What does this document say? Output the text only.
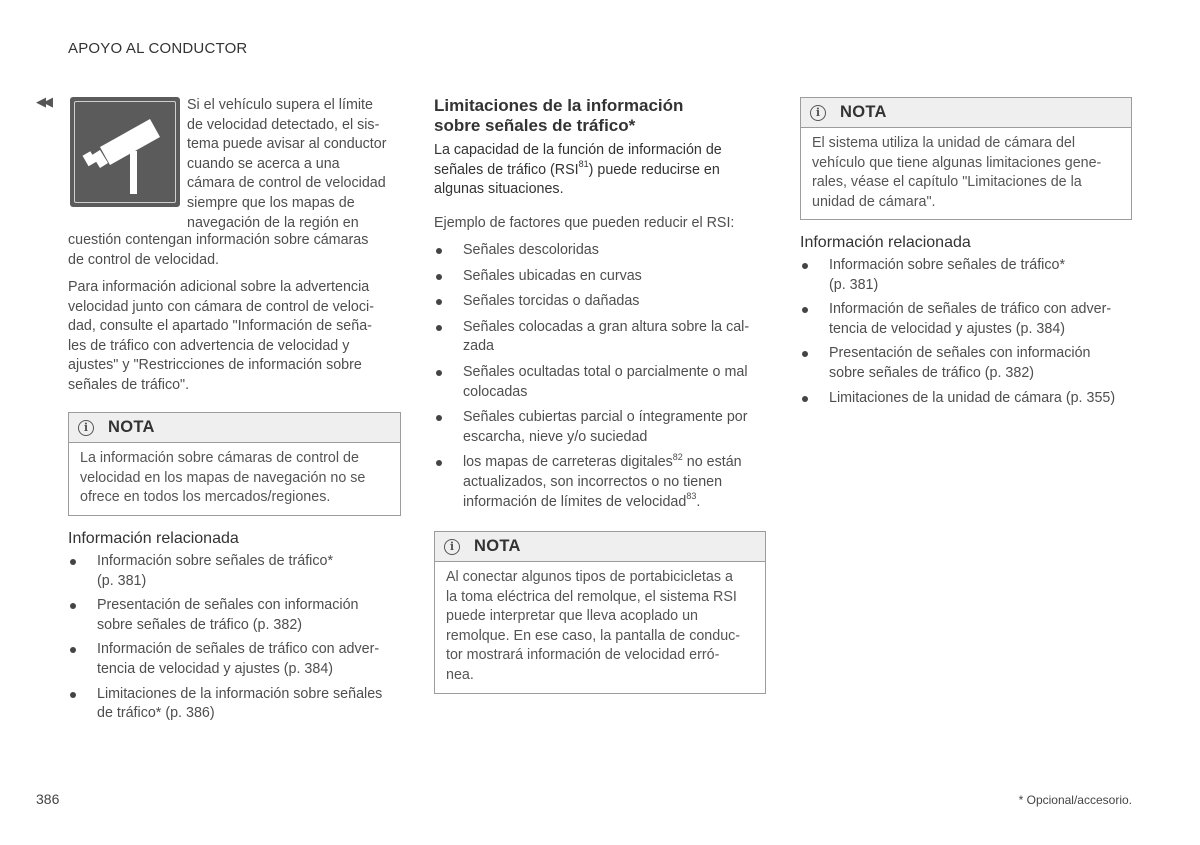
APOYO AL CONDUCTOR
◀◀	Si el vehículo supera el límite
de velocidad detectado, el sis-
tema puede avisar al conductor
cuando se acerca a una
cámara de control de velocidad
siempre que los mapas de
navegación de la región en
cuestión contengan información sobre cámaras
de control de velocidad.
Para información adicional sobre la advertencia
velocidad junto con cámara de control de veloci-
dad, consulte el apartado "Información de seña-
les de tráfico con advertencia de velocidad y
ajustes" y "Restricciones de información sobre
señales de tráfico".
i	NOTA
La información sobre cámaras de control de
velocidad en los mapas de navegación no se
ofrece en todos los mercados/regiones.
Información relacionada
Información sobre señales de tráfico*
(p. 381)
Presentación de señales con información
sobre señales de tráfico (p. 382)
Información de señales de tráfico con adver-
tencia de velocidad y ajustes (p. 384)
Limitaciones de la información sobre señales
de tráfico* (p. 386)
Limitaciones de la información
sobre señales de tráfico*
La capacidad de la función de información de
señales de tráfico (RSI$^{81}$) puede reducirse en
algunas situaciones.
Ejemplo de factores que pueden reducir el RSI:
Señales descoloridas
Señales ubicadas en curvas
Señales torcidas o dañadas
Señales colocadas a gran altura sobre la cal-
zada
Señales ocultadas total o parcialmente o mal
colocadas
Señales cubiertas parcial o íntegramente por
escarcha, nieve y/o suciedad
los mapas de carreteras digitales$^{82}$ no están
actualizados, son incorrectos o no tienen
información de límites de velocidad$^{83}$.
i	NOTA
Al conectar algunos tipos de portabicicletas a
la toma eléctrica del remolque, el sistema RSI
puede interpretar que lleva acoplado un
remolque. En ese caso, la pantalla de conduc-
tor mostrará información de velocidad erró-
nea.
i	NOTA
El sistema utiliza la unidad de cámara del
vehículo que tiene algunas limitaciones gene-
rales, véase el capítulo "Limitaciones de la
unidad de cámara".
Información relacionada
Información sobre señales de tráfico*
(p. 381)
Información de señales de tráfico con adver-
tencia de velocidad y ajustes (p. 384)
Presentación de señales con información
sobre señales de tráfico (p. 382)
Limitaciones de la unidad de cámara (p. 355)
386	* Opcional/accesorio.
